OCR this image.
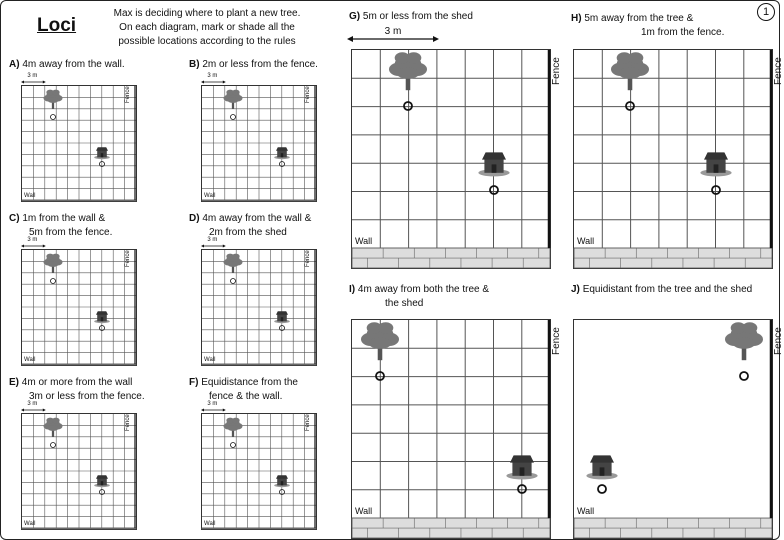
Loci
Max is deciding where to plant a new tree.
On each diagram, mark or shade all the
possible locations according to the rules
1
A) 4m away from the wall.	B) 2m or less from the fence.
C) 1m from the wall &
5m from the fence.
D) 4m away from the wall &
2m from the shed
E) 4m or more from the wall
3m or less from the fence.
F) Equidistance from the
fence & the wall.
G) 5m or less from the shed	H) 5m away from the tree &
1m from the fence.
I) 4m away from both the tree &
the shed
J) Equidistant from the tree and the shed
3 m
Wall
Fence
3 m
Wall
Fence
3 m
Wall
Fence
3 m
Wall
Fence
3 m
Wall
Fence
3 m
Wall
Fence
3 m
Wall
Fence
Wall
Fence
Wall
Fence
Wall
Fence
